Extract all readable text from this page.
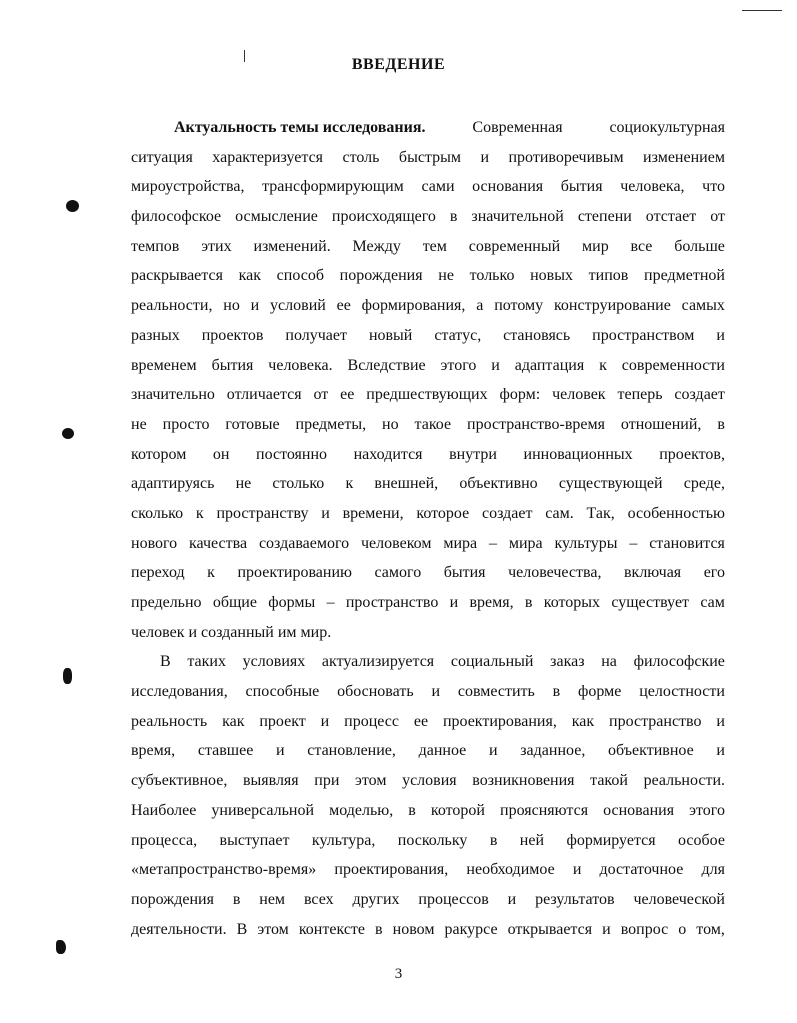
ВВЕДЕНИЕ
Актуальность темы исследования.	Современная	социокультурная
ситуация характеризуется столь быстрым и противоречивым изменением
мироустройства, трансформирующим сами основания бытия человека, что
философское осмысление происходящего в значительной степени отстает от
темпов этих изменений. Между тем современный мир все больше
раскрывается как способ порождения не только новых типов предметной
реальности, но и условий ее формирования, а потому конструирование самых
разных проектов получает новый статус, становясь пространством и
временем бытия человека. Вследствие этого и адаптация к современности
значительно отличается от ее предшествующих форм: человек теперь создает
не просто готовые предметы, но такое пространство-время отношений, в
котором он постоянно находится внутри инновационных проектов,
адаптируясь не столько к внешней, объективно существующей среде,
сколько к пространству и времени, которое создает сам. Так, особенностью
нового качества создаваемого человеком мира – мира культуры – становится
переход к проектированию самого бытия человечества, включая его
предельно общие формы – пространство и время, в которых существует сам
человек и созданный им мир.
В таких условиях актуализируется социальный заказ на философские
исследования, способные обосновать и совместить в форме целостности
реальность как проект и процесс ее проектирования, как пространство и
время, ставшее и становление, данное и заданное, объективное и
субъективное, выявляя при этом условия возникновения такой реальности.
Наиболее универсальной моделью, в которой проясняются основания этого
процесса, выступает культура, поскольку в ней формируется особое
«метапространство-время» проектирования, необходимое и достаточное для
порождения в нем всех других процессов и результатов человеческой
деятельности. В этом контексте в новом ракурсе открывается и вопрос о том,
3
